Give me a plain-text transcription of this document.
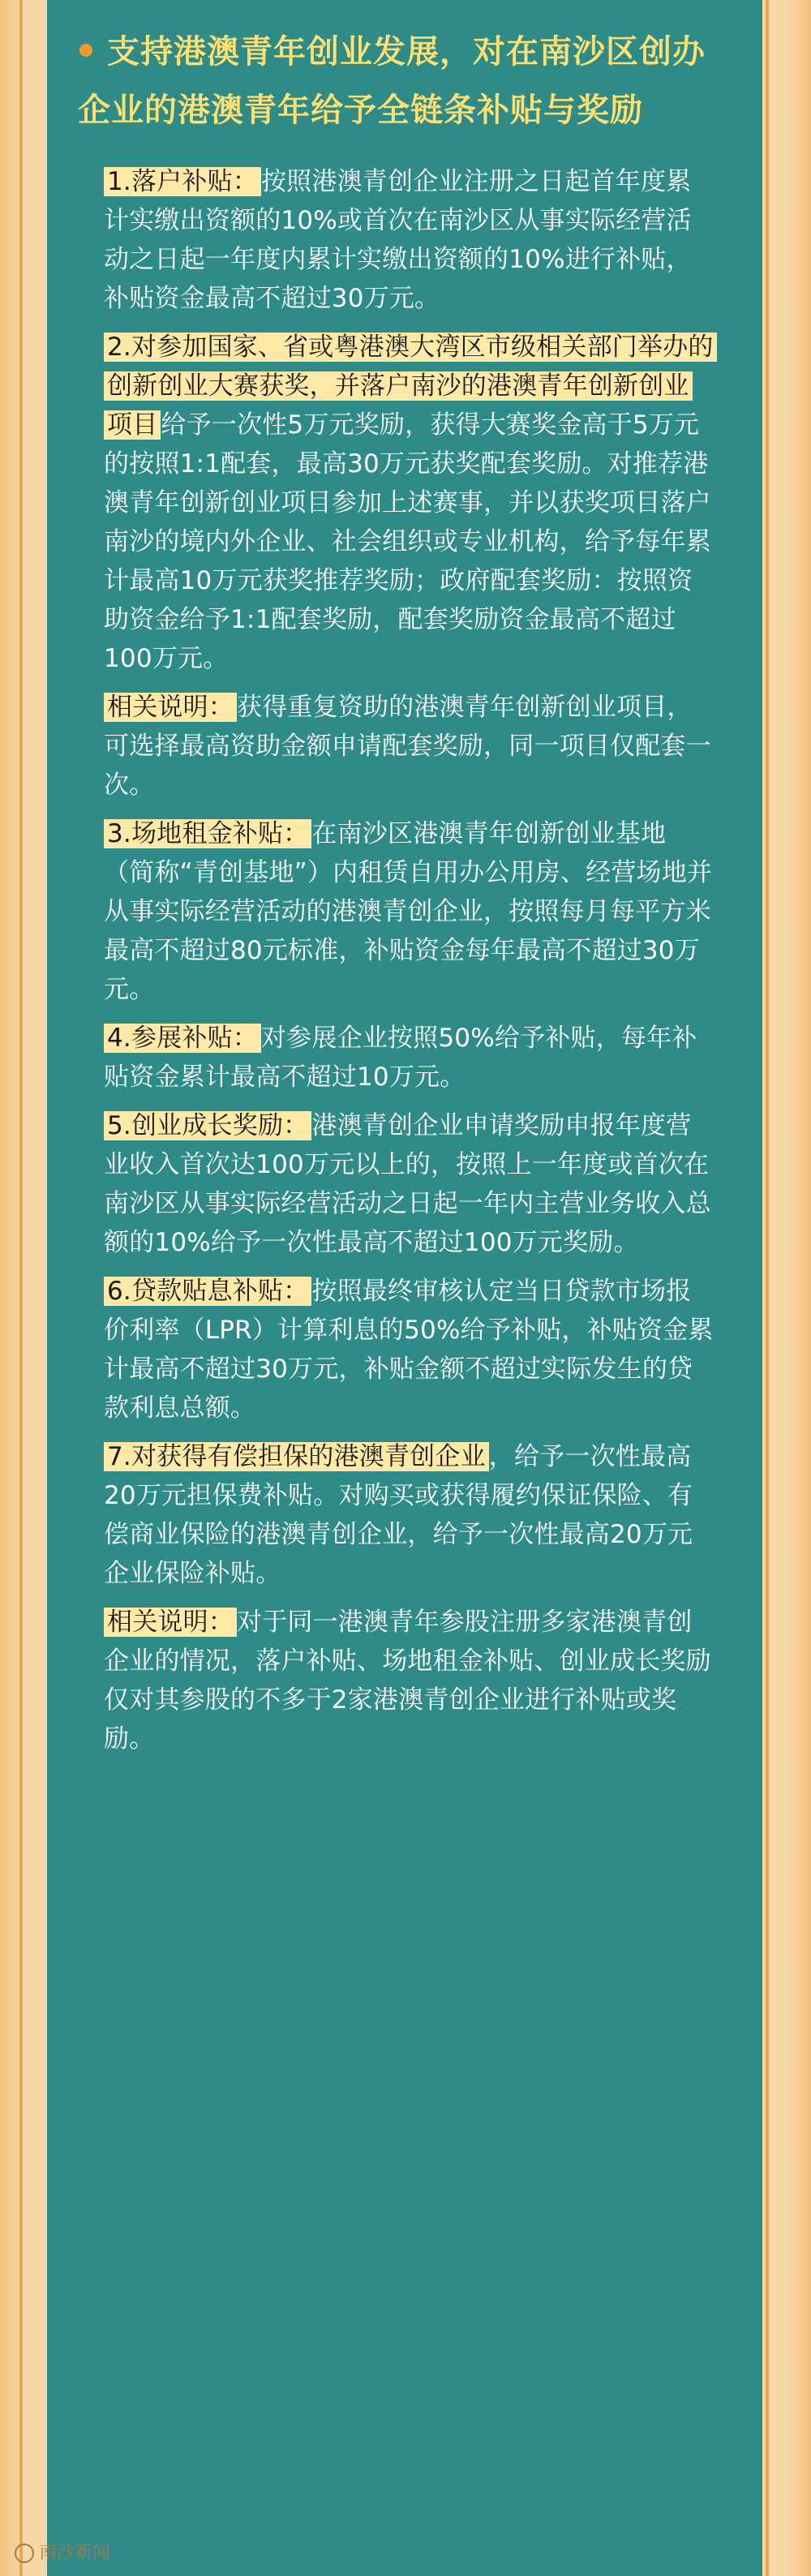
支持港澳青年创业发展，对在南沙区创办企业的港澳青年给予全链条补贴与奖励

1.落户补贴： 按照港澳青创企业注册之日起首年度累计实缴出资额的10%或首次在南沙区从事实际经营活动之日起一年度内累计实缴出资额的10%进行补贴，补贴资金最高不超过30万元。

2.对参加国家、省或粤港澳大湾区市级相关部门举办的创新创业大赛获奖，并落户南沙的港澳青年创新创业项目 给予一次性5万元奖励，获得大赛奖金高于5万元的按照1:1配套，最高30万元获奖配套奖励。对推荐港澳青年创新创业项目参加上述赛事，并以获奖项目落户南沙的境内外企业、社会组织或专业机构，给予每年累计最高10万元获奖推荐奖励；政府配套奖励：按照资助资金给予1:1配套奖励，配套奖励资金最高不超过100万元。

相关说明： 获得重复资助的港澳青年创新创业项目，可选择最高资助金额申请配套奖励，同一项目仅配套一次。

3.场地租金补贴： 在南沙区港澳青年创新创业基地（简称“青创基地”）内租赁自用办公用房、经营场地并从事实际经营活动的港澳青创企业，按照每月每平方米最高不超过80元标准，补贴资金每年最高不超过30万元。

4.参展补贴： 对参展企业按照50%给予补贴，每年补贴资金累计最高不超过10万元。

5.创业成长奖励： 港澳青创企业申请奖励申报年度营业收入首次达100万元以上的，按照上一年度或首次在南沙区从事实际经营活动之日起一年内主营业务收入总额的10%给予一次性最高不超过100万元奖励。

6.贷款贴息补贴： 按照最终审核认定当日贷款市场报价利率（LPR）计算利息的50%给予补贴，补贴资金累计最高不超过30万元，补贴金额不超过实际发生的贷款利息总额。

7.对获得有偿担保的港澳青创企业 ，给予一次性最高20万元担保费补贴。对购买或获得履约保证保险、有偿商业保险的港澳青创企业，给予一次性最高20万元企业保险补贴。

相关说明： 对于同一港澳青年参股注册多家港澳青创企业的情况，落户补贴、场地租金补贴、创业成长奖励仅对其参股的不多于2家港澳青创企业进行补贴或奖励。

南沙新闻
